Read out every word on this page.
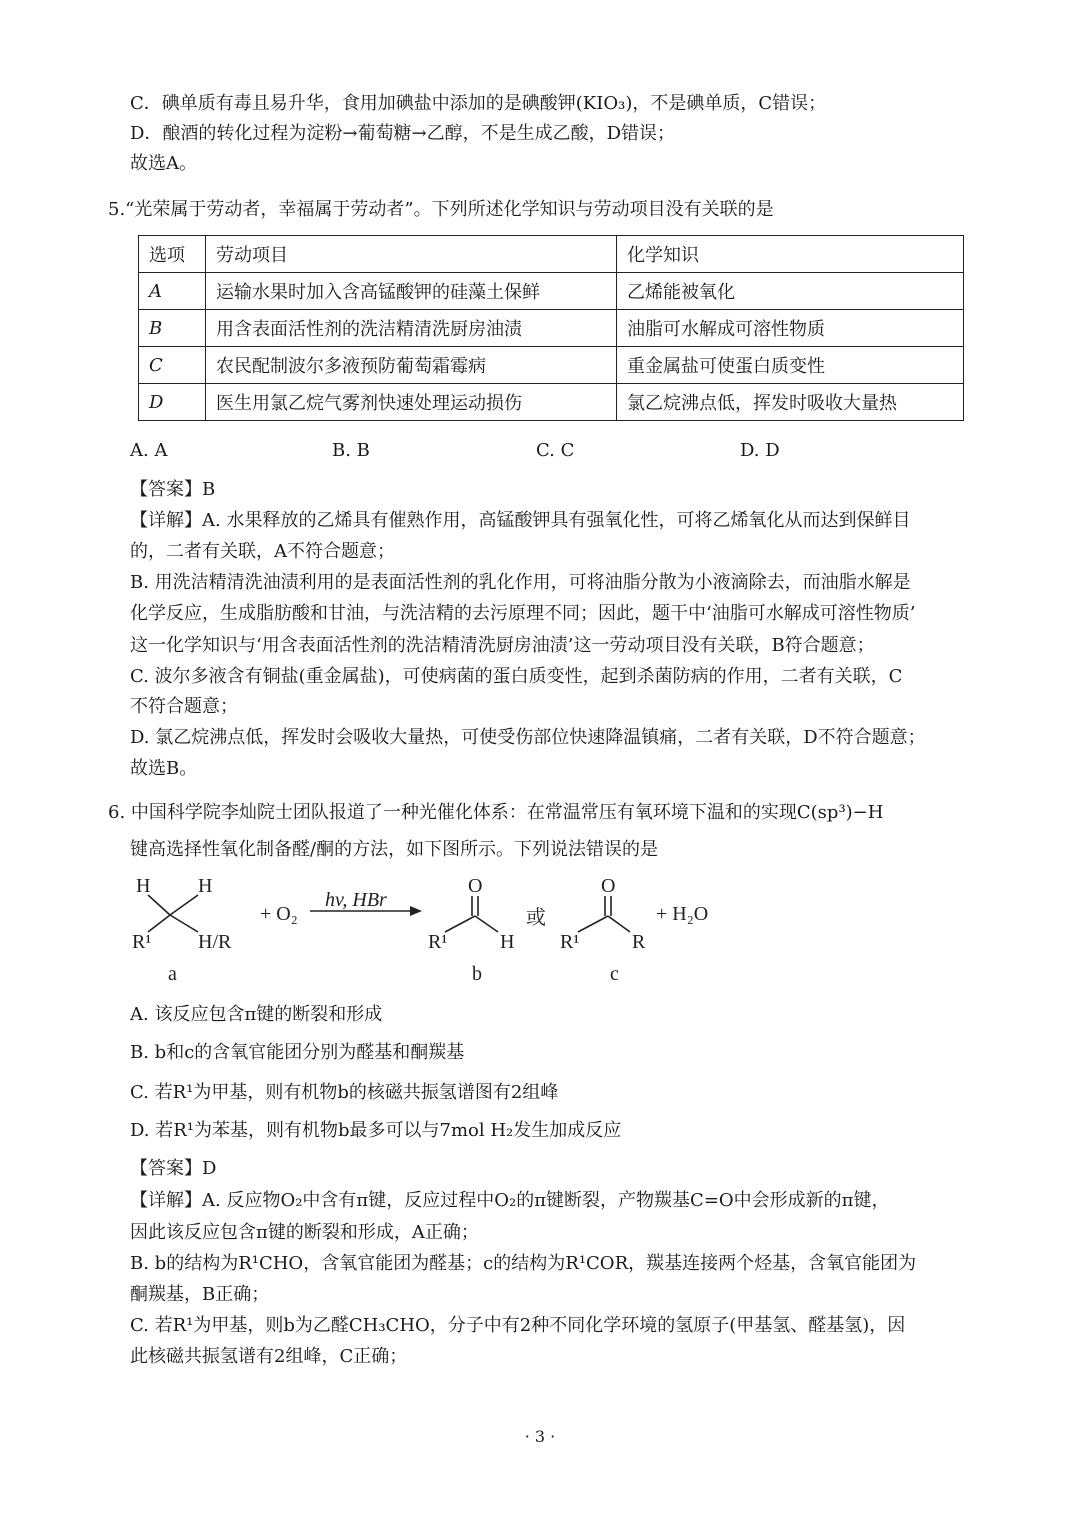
C．碘单质有毒且易升华，食用加碘盐中添加的是碘酸钾(KIO₃)，不是碘单质，C错误；
D．酿酒的转化过程为淀粉→葡萄糖→乙醇，不是生成乙酸，D错误；
故选A。
5.“光荣属于劳动者，幸福属于劳动者”。下列所述化学知识与劳动项目没有关联的是
选项	劳动项目	化学知识
A	运输水果时加入含高锰酸钾的硅藻土保鲜	乙烯能被氧化
B	用含表面活性剂的洗洁精清洗厨房油渍	油脂可水解成可溶性物质
C	农民配制波尔多液预防葡萄霜霉病	重金属盐可使蛋白质变性
D	医生用氯乙烷气雾剂快速处理运动损伤	氯乙烷沸点低，挥发时吸收大量热
A. A	B. B	C. C	D. D
【答案】B
【详解】A. 水果释放的乙烯具有催熟作用，高锰酸钾具有强氧化性，可将乙烯氧化从而达到保鲜目
的，二者有关联，A不符合题意；
B. 用洗洁精清洗油渍利用的是表面活性剂的乳化作用，可将油脂分散为小液滴除去，而油脂水解是
化学反应，生成脂肪酸和甘油，与洗洁精的去污原理不同；因此，题干中‘油脂可水解成可溶性物质’
这一化学知识与‘用含表面活性剂的洗洁精清洗厨房油渍’这一劳动项目没有关联，B符合题意；
C. 波尔多液含有铜盐(重金属盐)，可使病菌的蛋白质变性，起到杀菌防病的作用，二者有关联，C
不符合题意；
D. 氯乙烷沸点低，挥发时会吸收大量热，可使受伤部位快速降温镇痛，二者有关联，D不符合题意；
故选B。
6. 中国科学院李灿院士团队报道了一种光催化体系：在常温常压有氧环境下温和的实现C(sp³)−H
键高选择性氧化制备醛/酮的方法，如下图所示。下列说法错误的是
H H
R¹ H/R
+ O₂
hv, HBr
O
R¹	H
或
O
R¹	R
+ H₂O
a	b	c
A. 该反应包含π键的断裂和形成
B. b和c的含氧官能团分别为醛基和酮羰基
C. 若R¹为甲基，则有机物b的核磁共振氢谱图有2组峰
D. 若R¹为苯基，则有机物b最多可以与7mol H₂发生加成反应
【答案】D
【详解】A. 反应物O₂中含有π键，反应过程中O₂的π键断裂，产物羰基C=O中会形成新的π键，
因此该反应包含π键的断裂和形成，A正确；
B. b的结构为R¹CHO，含氧官能团为醛基；c的结构为R¹COR，羰基连接两个烃基，含氧官能团为
酮羰基，B正确；
C. 若R¹为甲基，则b为乙醛CH₃CHO，分子中有2种不同化学环境的氢原子(甲基氢、醛基氢)，因
此核磁共振氢谱有2组峰，C正确；
· 3 ·
